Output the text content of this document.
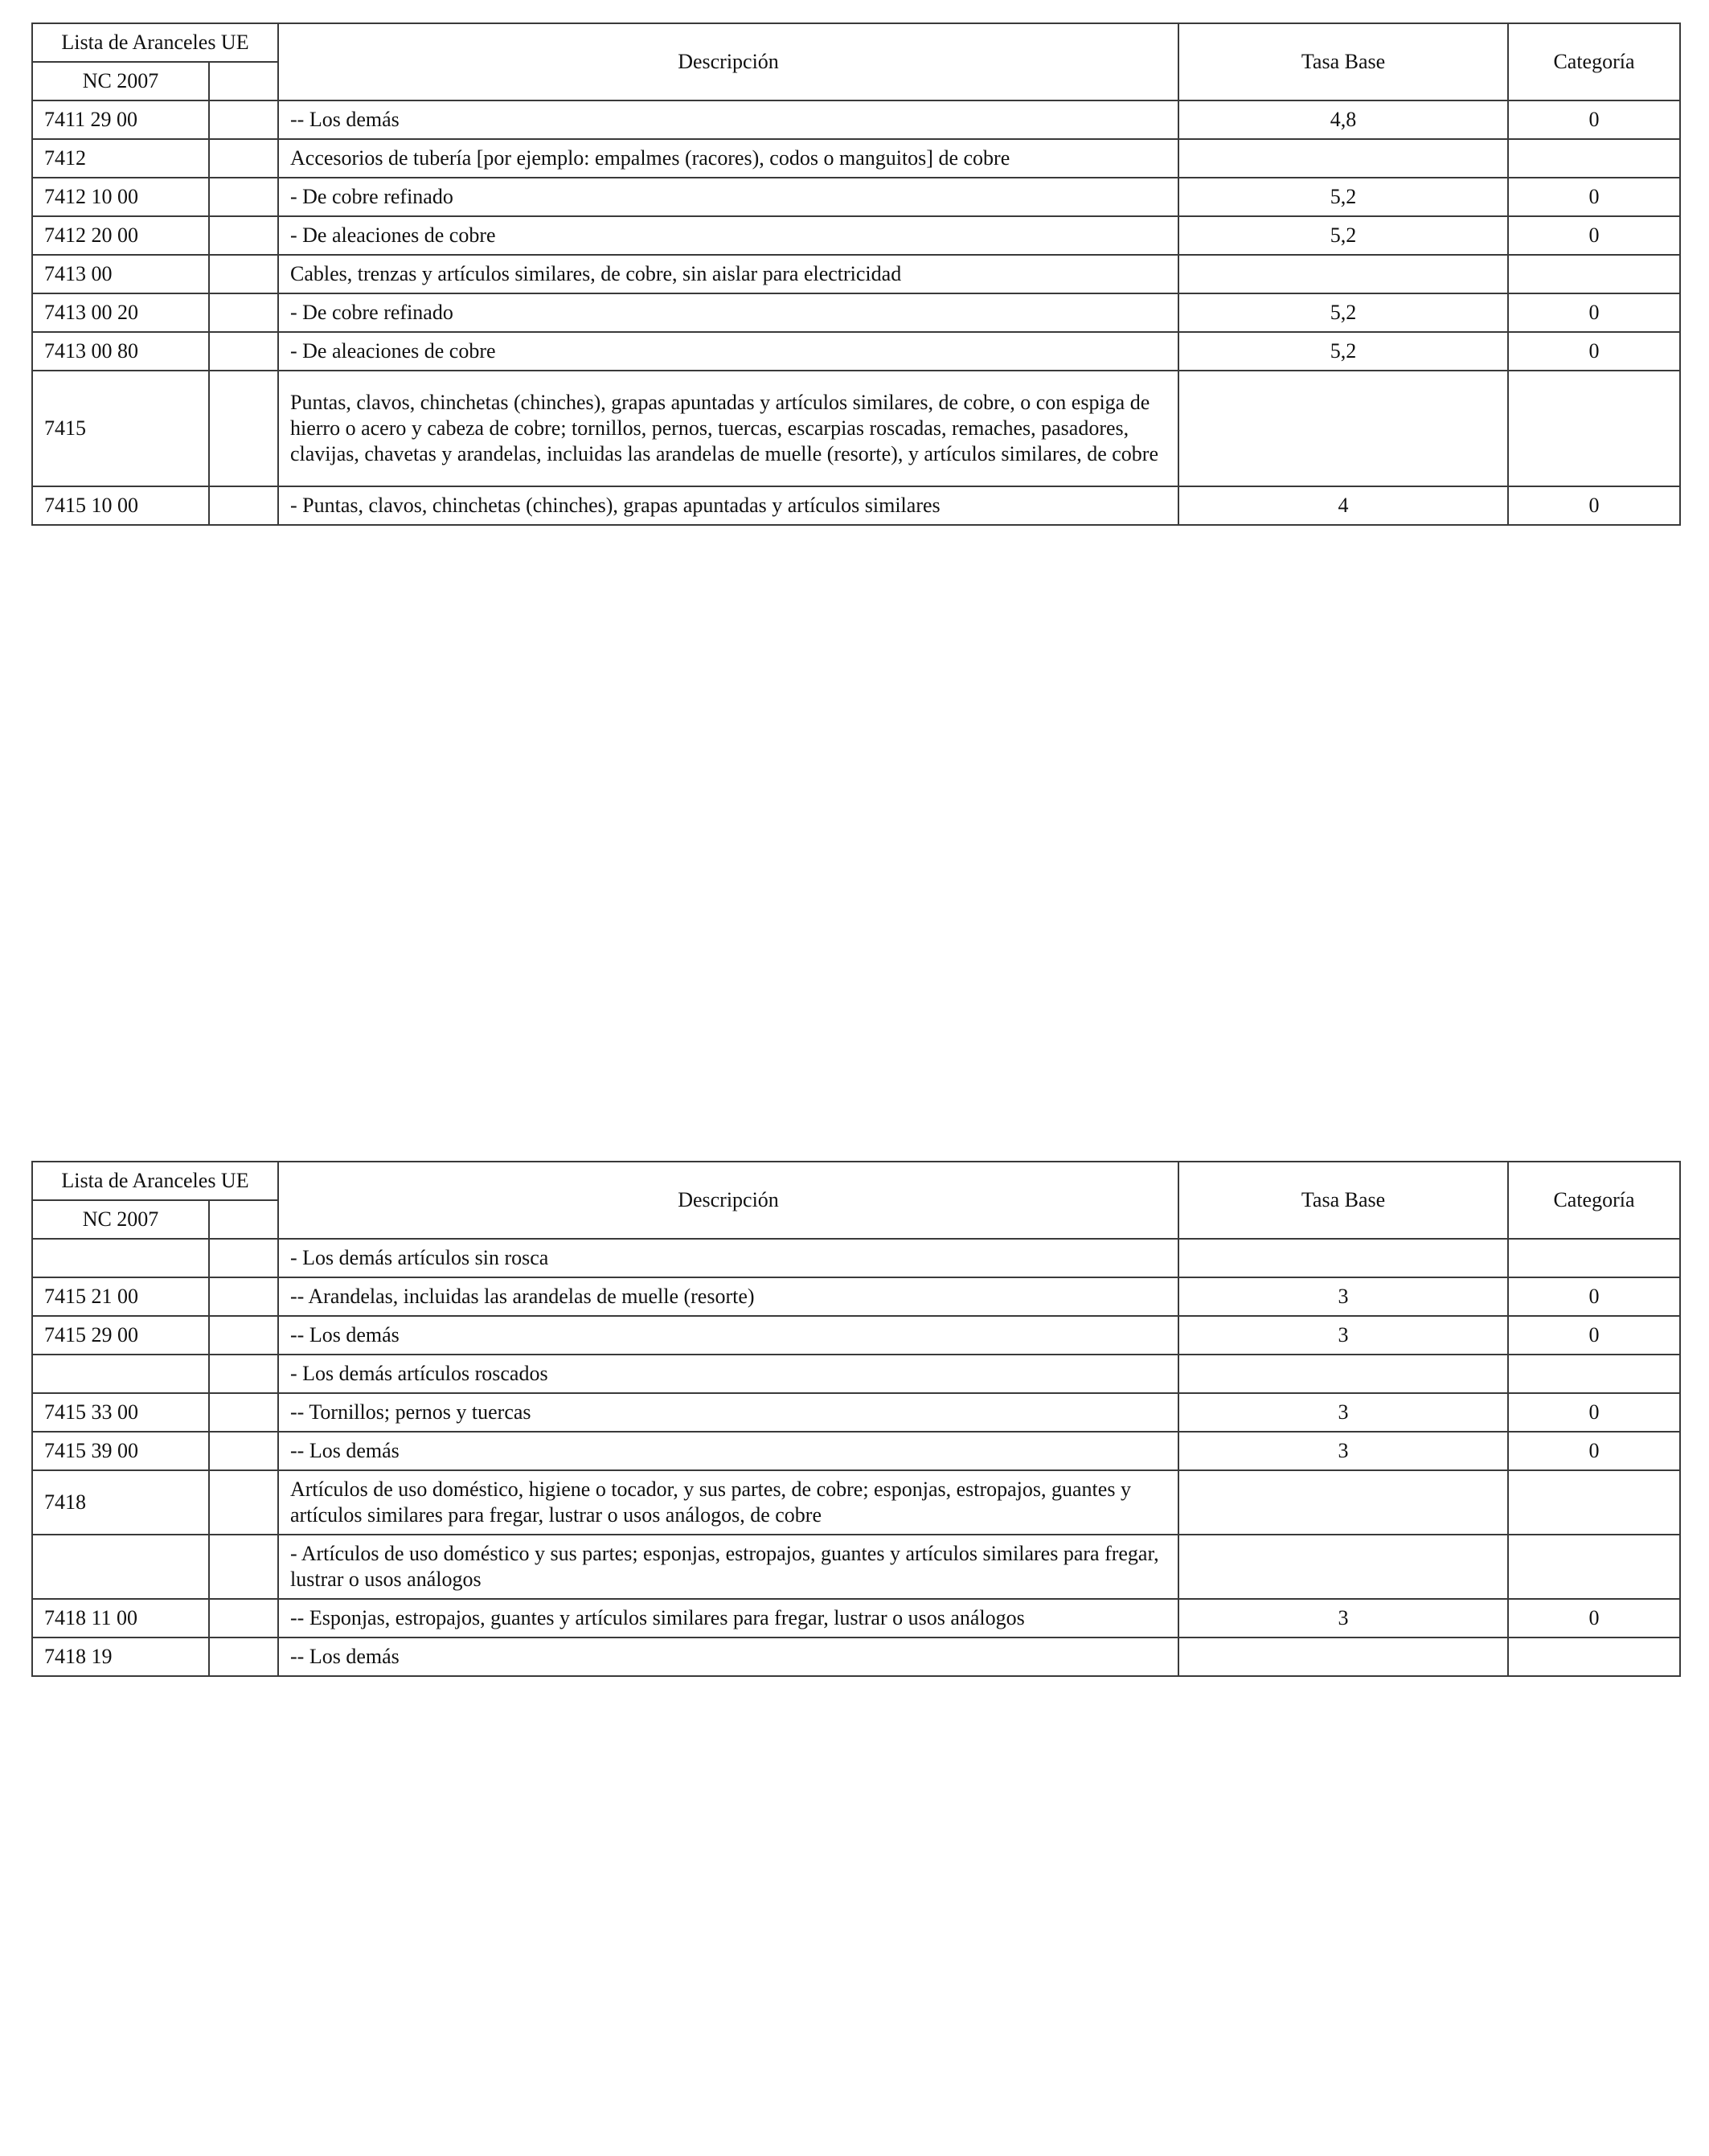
Lista de Aranceles UE		Descripción	Tasa Base	Categoría
NC 2007				
7411 29 00		-- Los demás	4,8	0
7412		Accesorios de tubería [por ejemplo: empalmes (racores), codos o manguitos] de cobre		
7412 10 00		- De cobre refinado	5,2	0
7412 20 00		- De aleaciones de cobre	5,2	0
7413 00		Cables, trenzas y artículos similares, de cobre, sin aislar para electricidad		
7413 00 20		- De cobre refinado	5,2	0
7413 00 80		- De aleaciones de cobre	5,2	0
7415		Puntas, clavos, chinchetas (chinches), grapas apuntadas y artículos similares, de cobre, o con espiga de hierro o acero y cabeza de cobre; tornillos, pernos, tuercas, escarpias roscadas, remaches, pasadores, clavijas, chavetas y arandelas, incluidas las arandelas de muelle (resorte), y artículos similares, de cobre		
7415 10 00		- Puntas, clavos, chinchetas (chinches), grapas apuntadas y artículos similares	4	0
Lista de Aranceles UE		Descripción	Tasa Base	Categoría
NC 2007				
		- Los demás artículos sin rosca		
7415 21 00		-- Arandelas, incluidas las arandelas de muelle (resorte)	3	0
7415 29 00		-- Los demás	3	0
		- Los demás artículos roscados		
7415 33 00		-- Tornillos; pernos y tuercas	3	0
7415 39 00		-- Los demás	3	0
7418		Artículos de uso doméstico, higiene o tocador, y sus partes, de cobre; esponjas, estropajos, guantes y artículos similares para fregar, lustrar o usos análogos, de cobre		
		- Artículos de uso doméstico y sus partes; esponjas, estropajos, guantes y artículos similares para fregar, lustrar o usos análogos		
7418 11 00		-- Esponjas, estropajos, guantes y artículos similares para fregar, lustrar o usos análogos	3	0
7418 19		-- Los demás		
